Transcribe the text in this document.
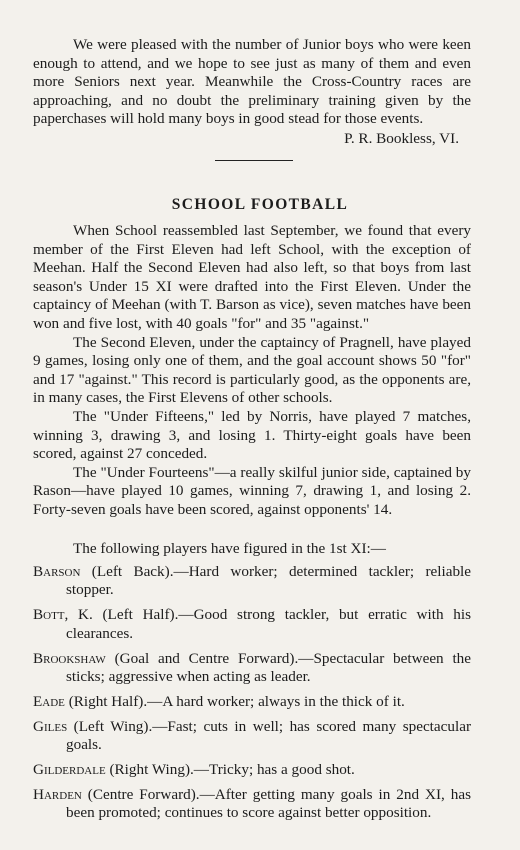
We were pleased with the number of Junior boys who were keen enough to attend, and we hope to see just as many of them and even more Seniors next year. Meanwhile the Cross-Country races are approaching, and no doubt the preliminary training given by the paperchases will hold many boys in good stead for those events.

P. R. Bookless, VI.

SCHOOL FOOTBALL

When School reassembled last September, we found that every member of the First Eleven had left School, with the exception of Meehan. Half the Second Eleven had also left, so that boys from last season's Under 15 XI were drafted into the First Eleven. Under the captaincy of Meehan (with T. Barson as vice), seven matches have been won and five lost, with 40 goals "for" and 35 "against."

The Second Eleven, under the captaincy of Pragnell, have played 9 games, losing only one of them, and the goal account shows 50 "for" and 17 "against." This record is particularly good, as the opponents are, in many cases, the First Elevens of other schools.

The "Under Fifteens," led by Norris, have played 7 matches, winning 3, drawing 3, and losing 1. Thirty-eight goals have been scored, against 27 conceded.

The "Under Fourteens"—a really skilful junior side, captained by Rason—have played 10 games, winning 7, drawing 1, and losing 2. Forty-seven goals have been scored, against opponents' 14.

The following players have figured in the 1st XI:—

Barson (Left Back).—Hard worker; determined tackler; reliable stopper.

Bott, K. (Left Half).—Good strong tackler, but erratic with his clearances.

Brookshaw (Goal and Centre Forward).—Spectacular between the sticks; aggressive when acting as leader.

Eade (Right Half).—A hard worker; always in the thick of it.

Giles (Left Wing).—Fast; cuts in well; has scored many spectacular goals.

Gilderdale (Right Wing).—Tricky; has a good shot.

Harden (Centre Forward).—After getting many goals in 2nd XI, has been promoted; continues to score against better opposition.
